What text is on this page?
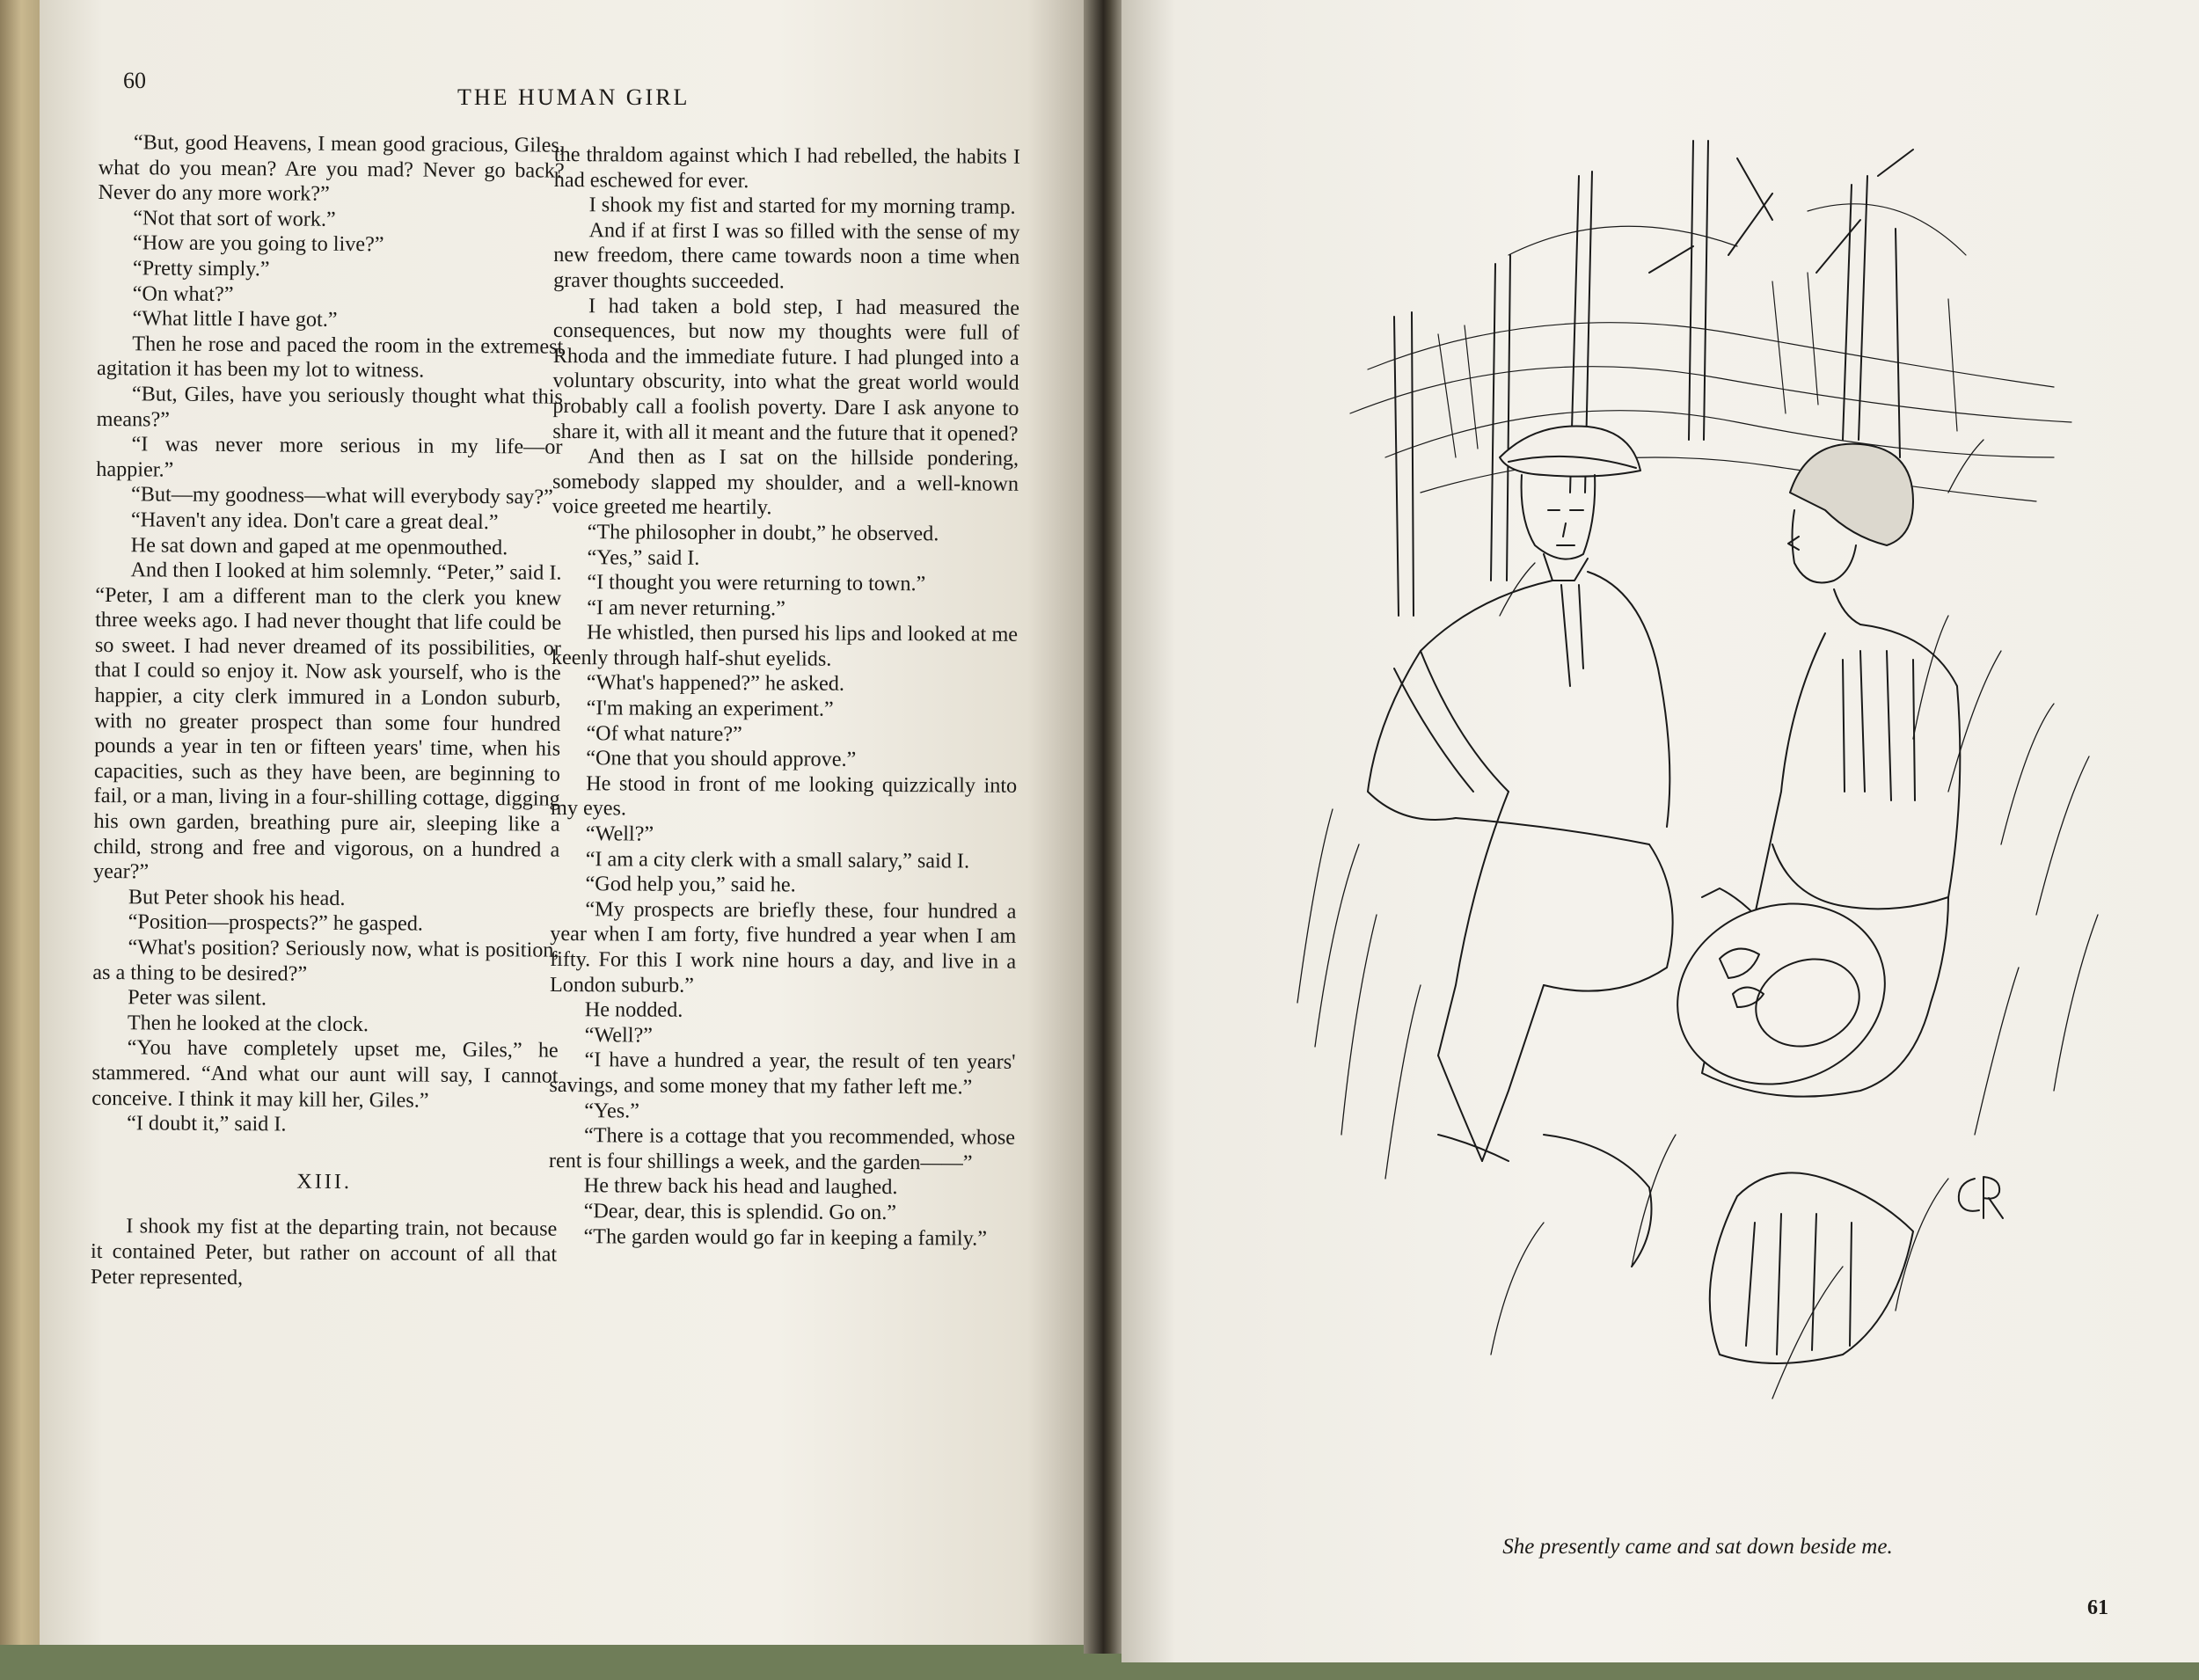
60
THE HUMAN GIRL

“But, good Heavens, I mean good gracious, Giles, what do you mean? Are you mad? Never go back? Never do any more work?”

“Not that sort of work.”

“How are you going to live?”

“Pretty simply.”

“On what?”

“What little I have got.”

Then he rose and paced the room in the extremest agitation it has been my lot to witness.

“But, Giles, have you seriously thought what this means?”

“I was never more serious in my life—or happier.”

“But—my goodness—what will everybody say?”

“Haven't any idea. Don't care a great deal.”

He sat down and gaped at me openmouthed.

And then I looked at him solemnly. “Peter,” said I. “Peter, I am a different man to the clerk you knew three weeks ago. I had never thought that life could be so sweet. I had never dreamed of its possibilities, or that I could so enjoy it. Now ask yourself, who is the happier, a city clerk immured in a London suburb, with no greater prospect than some four hundred pounds a year in ten or fifteen years' time, when his capacities, such as they have been, are beginning to fail, or a man, living in a four-shilling cottage, digging his own garden, breathing pure air, sleeping like a child, strong and free and vigorous, on a hundred a year?”

But Peter shook his head.

“Position—prospects?” he gasped.

“What's position? Seriously now, what is position, as a thing to be desired?”

Peter was silent.

Then he looked at the clock.

“You have completely upset me, Giles,” he stammered. “And what our aunt will say, I cannot conceive. I think it may kill her, Giles.”

“I doubt it,” said I.

XIII.

I shook my fist at the departing train, not because it contained Peter, but rather on account of all that Peter represented,

the thraldom against which I had rebelled, the habits I had eschewed for ever.

I shook my fist and started for my morning tramp.

And if at first I was so filled with the sense of my new freedom, there came towards noon a time when graver thoughts succeeded.

I had taken a bold step, I had measured the consequences, but now my thoughts were full of Rhoda and the immediate future. I had plunged into a voluntary obscurity, into what the great world would probably call a foolish poverty. Dare I ask anyone to share it, with all it meant and the future that it opened?

And then as I sat on the hillside pondering, somebody slapped my shoulder, and a well-known voice greeted me heartily.

“The philosopher in doubt,” he observed.

“Yes,” said I.

“I thought you were returning to town.”

“I am never returning.”

He whistled, then pursed his lips and looked at me keenly through half-shut eyelids.

“What's happened?” he asked.

“I'm making an experiment.”

“Of what nature?”

“One that you should approve.”

He stood in front of me looking quizzically into my eyes.

“Well?”

“I am a city clerk with a small salary,” said I.

“God help you,” said he.

“My prospects are briefly these, four hundred a year when I am forty, five hundred a year when I am fifty. For this I work nine hours a day, and live in a London suburb.”

He nodded.

“Well?”

“I have a hundred a year, the result of ten years' savings, and some money that my father left me.”

“Yes.”

“There is a cottage that you recommended, whose rent is four shillings a week, and the garden——”

He threw back his head and laughed.

“Dear, dear, this is splendid. Go on.”

“The garden would go far in keeping a family.”

She presently came and sat down beside me.
61
